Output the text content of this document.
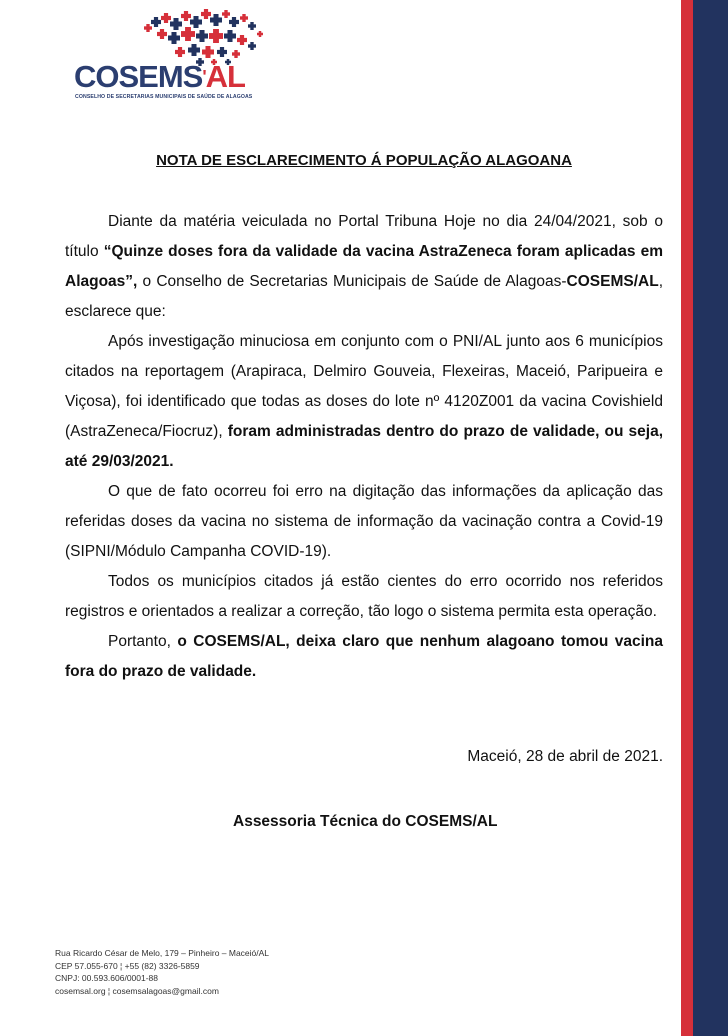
COSEMS'AL
CONSELHO DE SECRETARIAS MUNICIPAIS DE SAÚDE DE ALAGOAS
NOTA DE ESCLARECIMENTO Á POPULAÇÃO ALAGOANA

Diante da matéria veiculada no Portal Tribuna Hoje no dia 24/04/2021, sob o título “Quinze doses fora da validade da vacina AstraZeneca foram aplicadas em Alagoas”, o Conselho de Secretarias Municipais de Saúde de Alagoas-COSEMS/AL, esclarece que:

Após investigação minuciosa em conjunto com o PNI/AL junto aos 6 municípios citados na reportagem (Arapiraca, Delmiro Gouveia, Flexeiras, Maceió, Paripueira e Viçosa), foi identificado que todas as doses do lote nº 4120Z001 da vacina Covishield (AstraZeneca/Fiocruz), foram administradas dentro do prazo de validade, ou seja, até 29/03/2021.

O que de fato ocorreu foi erro na digitação das informações da aplicação das referidas doses da vacina no sistema de informação da vacinação contra a Covid-19 (SIPNI/Módulo Campanha COVID-19).

Todos os municípios citados já estão cientes do erro ocorrido nos referidos registros e orientados a realizar a correção, tão logo o sistema permita esta operação.

Portanto, o COSEMS/AL, deixa claro que nenhum alagoano tomou vacina fora do prazo de validade.

Maceió, 28 de abril de 2021.
Assessoria Técnica do COSEMS/AL
Rua Ricardo César de Melo, 179 – Pinheiro – Maceió/AL
CEP 57.055-670 ¦ +55 (82) 3326-5859
CNPJ: 00.593.606/0001-88
cosemsal.org ¦ cosemsalagoas@gmail.com
